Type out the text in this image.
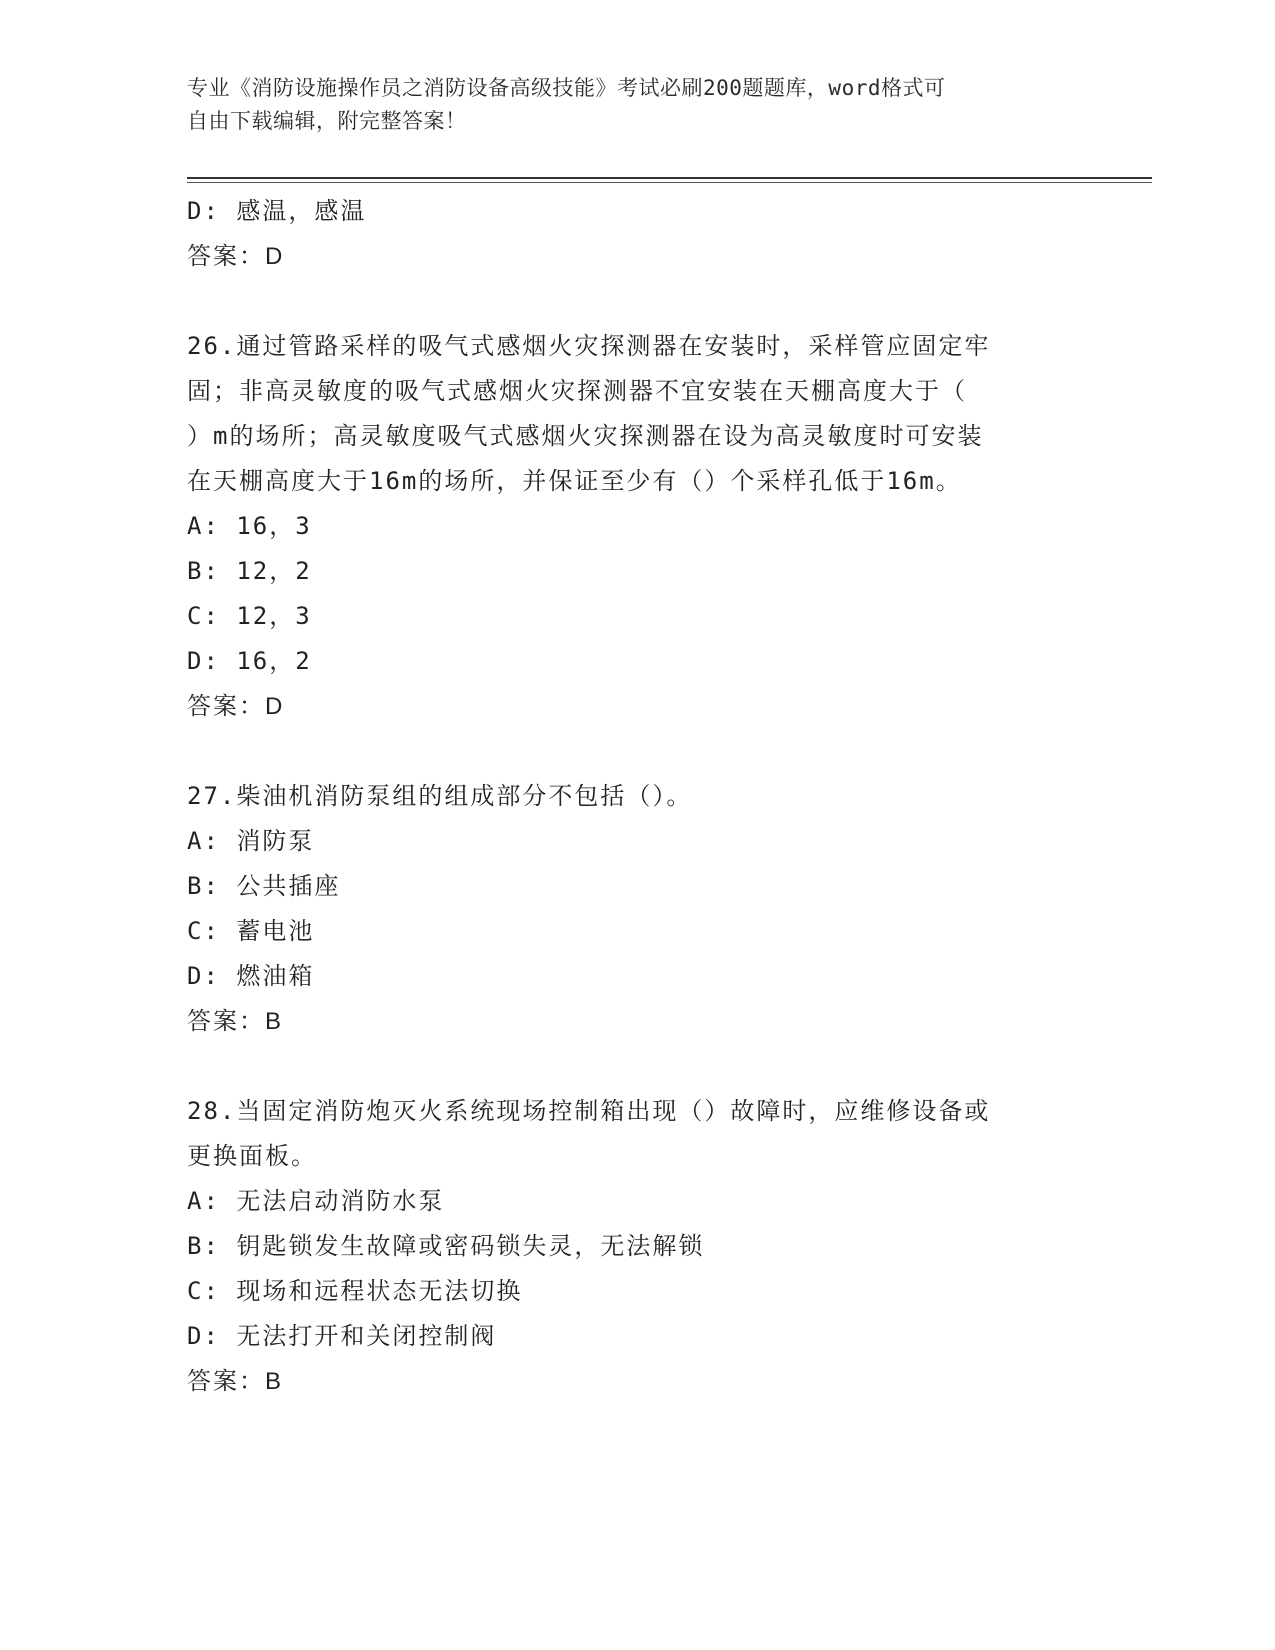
专业《消防设施操作员之消防设备高级技能》考试必刷200题题库，word格式可
自由下载编辑，附完整答案！
D: 感温，感温
答案：D
26.通过管路采样的吸气式感烟火灾探测器在安装时，采样管应固定牢
固；非高灵敏度的吸气式感烟火灾探测器不宜安装在天棚高度大于（
）m的场所；高灵敏度吸气式感烟火灾探测器在设为高灵敏度时可安装
在天棚高度大于16m的场所，并保证至少有（）个采样孔低于16m。
A: 16，3
B: 12，2
C: 12，3
D: 16，2
答案：D
27.柴油机消防泵组的组成部分不包括（）。
A: 消防泵
B: 公共插座
C: 蓄电池
D: 燃油箱
答案：B
28.当固定消防炮灭火系统现场控制箱出现（）故障时，应维修设备或
更换面板。
A: 无法启动消防水泵
B: 钥匙锁发生故障或密码锁失灵，无法解锁
C: 现场和远程状态无法切换
D: 无法打开和关闭控制阀
答案：B
